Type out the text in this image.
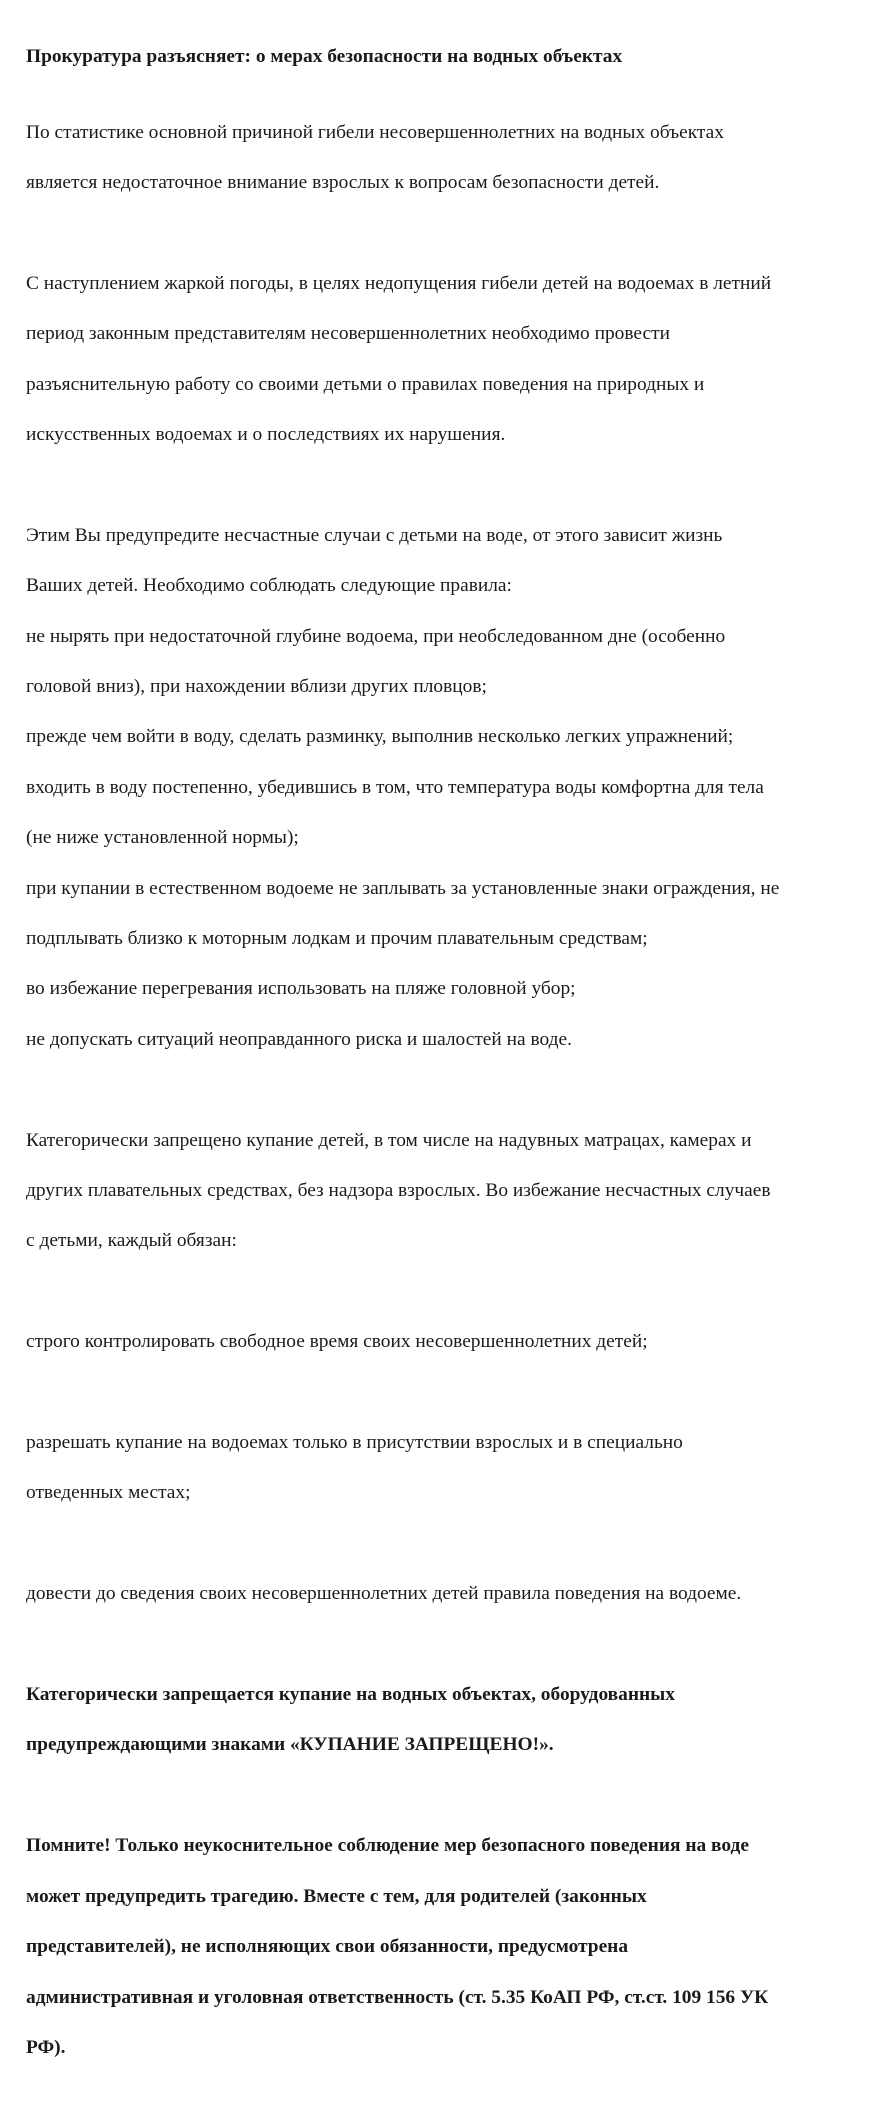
Прокуратура разъясняет: о мерах безопасности на водных объектах

По статистике основной причиной гибели несовершеннолетних на водных объектах

является недостаточное внимание взрослых к вопросам безопасности детей.

С наступлением жаркой погоды, в целях недопущения гибели детей на водоемах в летний

период законным представителям несовершеннолетних необходимо провести

разъяснительную работу со своими детьми о правилах поведения на природных и

искусственных водоемах и о последствиях их нарушения.

Этим Вы предупредите несчастные случаи с детьми на воде, от этого зависит жизнь

Ваших детей. Необходимо соблюдать следующие правила:

не нырять при недостаточной глубине водоема, при необследованном дне (особенно

головой вниз), при нахождении вблизи других пловцов;

прежде чем войти в воду, сделать разминку, выполнив несколько легких упражнений;

входить в воду постепенно, убедившись в том, что температура воды комфортна для тела

(не ниже установленной нормы);

при купании в естественном водоеме не заплывать за установленные знаки ограждения, не

подплывать близко к моторным лодкам и прочим плавательным средствам;

во избежание перегревания использовать на пляже головной убор;

не допускать ситуаций неоправданного риска и шалостей на воде.

Категорически запрещено купание детей, в том числе на надувных матрацах, камерах и

других плавательных средствах, без надзора взрослых. Во избежание несчастных случаев

с детьми, каждый обязан:

строго контролировать свободное время своих несовершеннолетних детей;

разрешать купание на водоемах только в присутствии взрослых и в специально

отведенных местах;

довести до сведения своих несовершеннолетних детей правила поведения на водоеме.

Категорически запрещается купание на водных объектах, оборудованных

предупреждающими знаками «КУПАНИЕ ЗАПРЕЩЕНО!».

Помните! Только неукоснительное соблюдение мер безопасного поведения на воде

может предупредить трагедию. Вместе с тем, для родителей (законных

представителей), не исполняющих свои обязанности, предусмотрена

административная и уголовная ответственность (ст. 5.35 КоАП РФ, ст.ст. 109 156 УК

РФ).
